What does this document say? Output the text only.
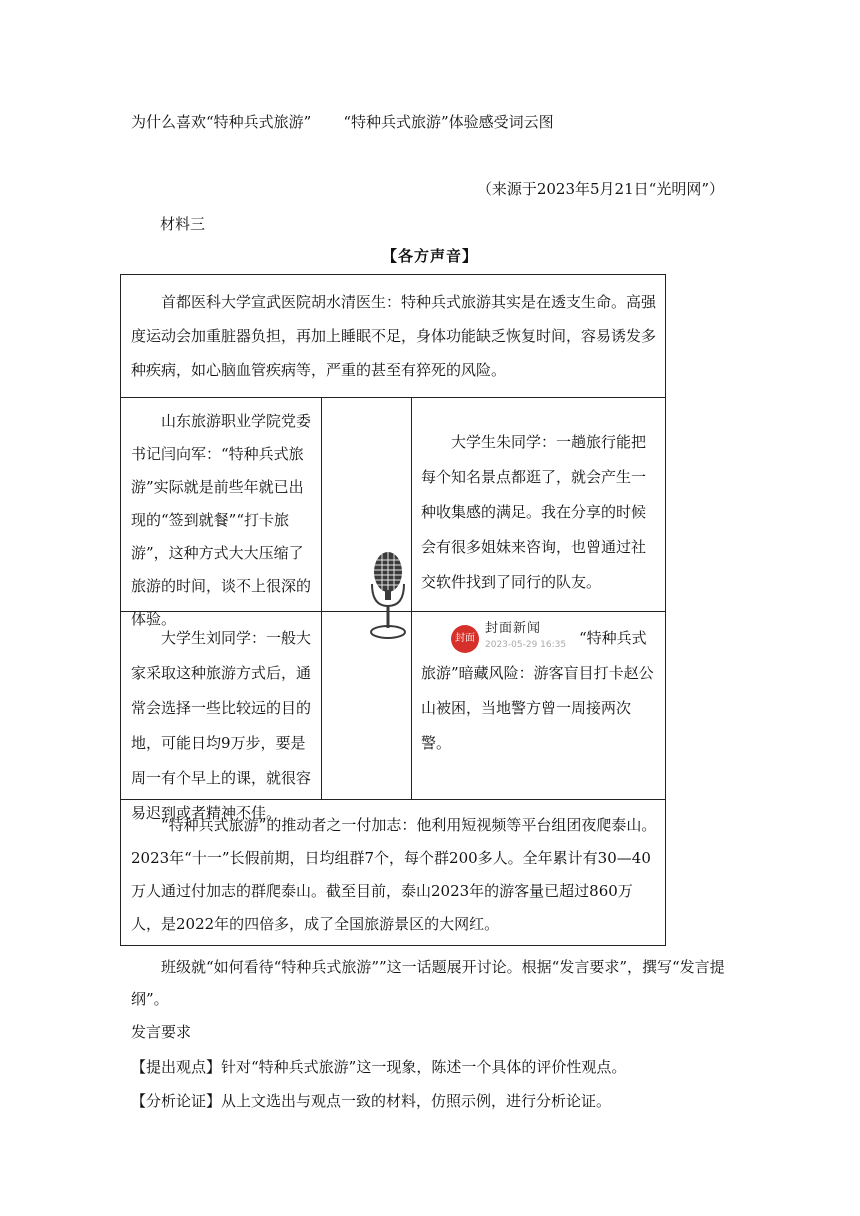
为什么喜欢“特种兵式旅游” “特种兵式旅游”体验感受词云图
（来源于2023年5月21日“光明网”）
材料三
【各方声音】
首都医科大学宣武医院胡水清医生：特种兵式旅游其实是在透支生命。高强度运动会加重脏器负担，再加上睡眠不足，身体功能缺乏恢复时间，容易诱发多种疾病，如心脑血管疾病等，严重的甚至有猝死的风险。
山东旅游职业学院党委书记闫向军：“特种兵式旅游”实际就是前些年就已出现的“签到就餐”“打卡旅游”，这种方式大大压缩了旅游的时间，谈不上很深的体验。
大学生朱同学：一趟旅行能把每个知名景点都逛了，就会产生一种收集感的满足。我在分享的时候会有很多姐妹来咨询，也曾通过社交软件找到了同行的队友。
大学生刘同学：一般大家采取这种旅游方式后，通常会选择一些比较远的目的地，可能日均9万步，要是周一有个早上的课，就很容易迟到或者精神不佳。
封面
封面新闻
2023-05-29 16:35 “特种兵式旅游”暗藏风险：游客盲目打卡赵公山被困，当地警方曾一周接两次警。
“特种兵式旅游”的推动者之一付加志：他利用短视频等平台组团夜爬泰山。2023年“十一”长假前期，日均组群7个，每个群200多人。全年累计有30—40万人通过付加志的群爬泰山。截至目前，泰山2023年的游客量已超过860万人，是2022年的四倍多，成了全国旅游景区的大网红。
班级就“如何看待“特种兵式旅游””这一话题展开讨论。根据“发言要求”，撰写“发言提纲”。
发言要求
【提出观点】针对“特种兵式旅游”这一现象，陈述一个具体的评价性观点。
【分析论证】从上文选出与观点一致的材料，仿照示例，进行分析论证。
